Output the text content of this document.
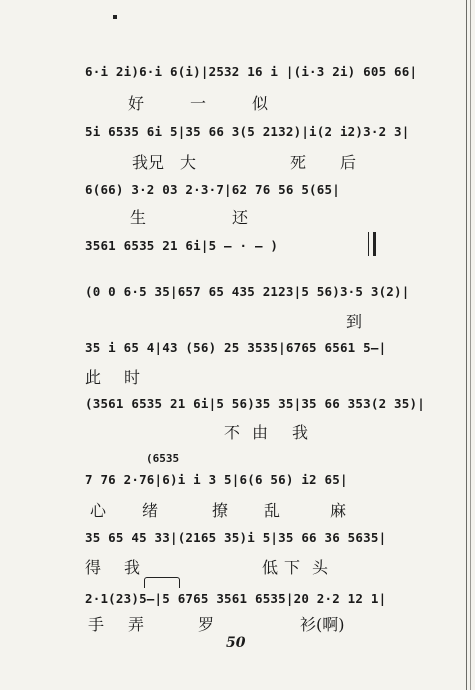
6·i 2i)6·i 6(i)|2532 16 i |(i·3 2i) 605 66|
好	一	似
5i 6535 6i 5|35 66 3(5 2132)|i(2 i2)3·2 3|
我 兄 大	死 后
6(66) 3·2 03 2·3·7|62 76 56 5(65|
生	还
3561 6535 21 6i|5 — · — )
(0 0 6·5 35|657 65 435 2123|5 56)3·5 3(2)|
到
35 i 65 4|43 (56) 25 3535|6765 6561 5—|
此 时
(3561 6535 21 6i|5 56)35 35|35 66 353(2 35)|
不 由 我
(6535
7 76 2·76|6)i i 3 5|6(6 56) i2 65|
心 绪	撩 乱	麻
35 65 45 33|(2165 35)i 5|35 66 36 5635|
得 我	低 下 头
2·1(23)5—|5 6765 3561 6535|20 2·2 12 1|
手 弄	罗	衫(啊)
50
